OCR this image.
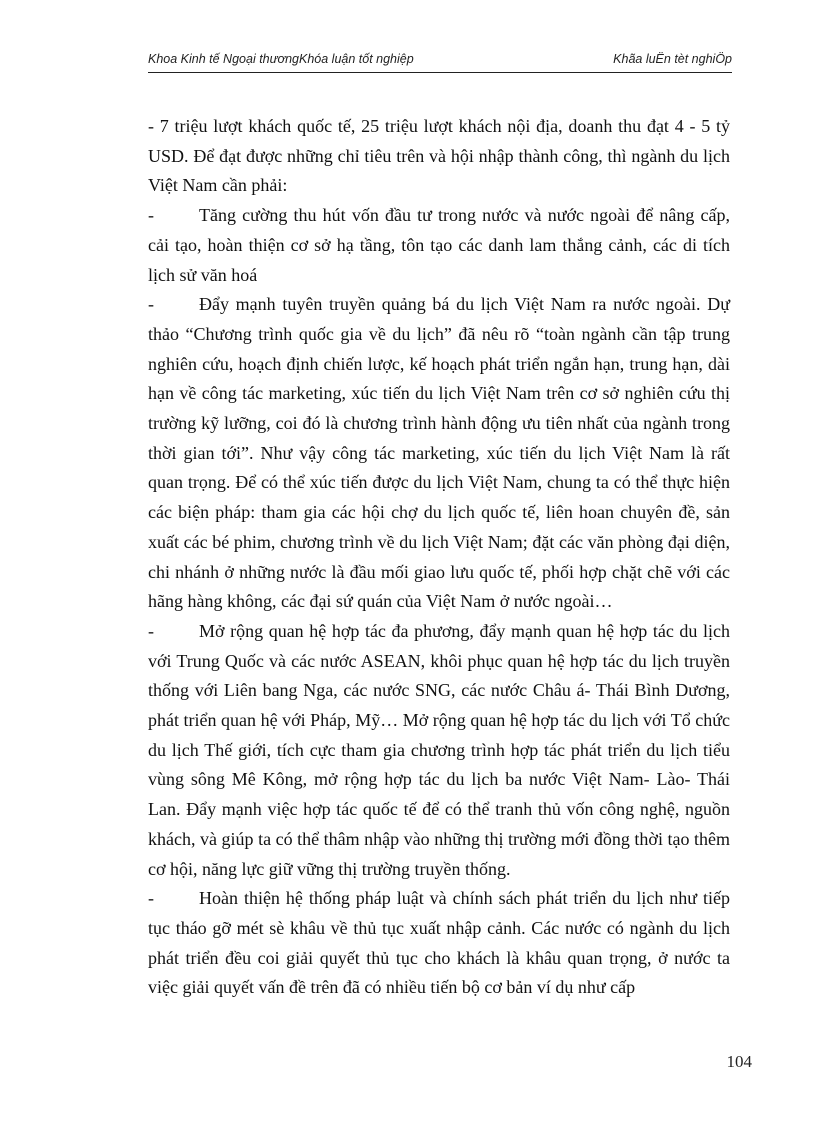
Khoa Kinh tế Ngoại thươngKhóa luận tốt nghiệp	Khãa luËn tèt nghiÖp

- 7 triệu lượt khách quốc tế, 25 triệu lượt khách nội địa, doanh thu đạt 4 - 5 tỷ USD. Để đạt được những chỉ tiêu trên và hội nhập thành công, thì ngành du lịch Việt Nam cần phải:

-	Tăng cường thu hút vốn đầu tư trong nước và nước ngoài để nâng cấp, cải tạo, hoàn thiện cơ sở hạ tầng, tôn tạo các danh lam thắng cảnh, các di tích lịch sử văn hoá

-	Đẩy mạnh tuyên truyền quảng bá du lịch Việt Nam ra nước ngoài. Dự thảo “Chương trình quốc gia về du lịch” đã nêu rõ “toàn ngành cần tập trung nghiên cứu, hoạch định chiến lược, kế hoạch phát triển ngắn hạn, trung hạn, dài hạn về công tác marketing, xúc tiến du lịch Việt Nam trên cơ sở nghiên cứu thị trường kỹ lưỡng, coi đó là chương trình hành động ưu tiên nhất của ngành trong thời gian tới”. Như vậy công tác marketing, xúc tiến du lịch Việt Nam là rất quan trọng. Để có thể xúc tiến được du lịch Việt Nam, chung ta có thể thực hiện các biện pháp: tham gia các hội chợ du lịch quốc tế, liên hoan chuyên đề, sản xuất các bé phim, chương trình về du lịch Việt Nam; đặt các văn phòng đại diện, chi nhánh ở những nước là đầu mối giao lưu quốc tế, phối hợp chặt chẽ với các hãng hàng không, các đại sứ quán của Việt Nam ở nước ngoài…

-	Mở rộng quan hệ hợp tác đa phương, đẩy mạnh quan hệ hợp tác du lịch với Trung Quốc và các nước ASEAN, khôi phục quan hệ hợp tác du lịch truyền thống với Liên bang Nga, các nước SNG, các nước Châu á- Thái Bình Dương, phát triển quan hệ với Pháp, Mỹ… Mở rộng quan hệ hợp tác du lịch với Tổ chức du lịch Thế giới, tích cực tham gia chương trình hợp tác phát triển du lịch tiểu vùng sông Mê Kông, mở rộng hợp tác du lịch ba nước Việt Nam- Lào- Thái Lan. Đẩy mạnh việc hợp tác quốc tế để có thể tranh thủ vốn công nghệ, nguồn khách, và giúp ta có thể thâm nhập vào những thị trường mới đồng thời tạo thêm cơ hội, năng lực giữ vững thị trường truyền thống.

-	Hoàn thiện hệ thống pháp luật và chính sách phát triển du lịch như tiếp tục tháo gỡ mét sè khâu về thủ tục xuất nhập cảnh. Các nước có ngành du lịch phát triển đều coi giải quyết thủ tục cho khách là khâu quan trọng, ở nước ta việc giải quyết vấn đề trên đã có nhiều tiến bộ cơ bản ví dụ như cấp

104
